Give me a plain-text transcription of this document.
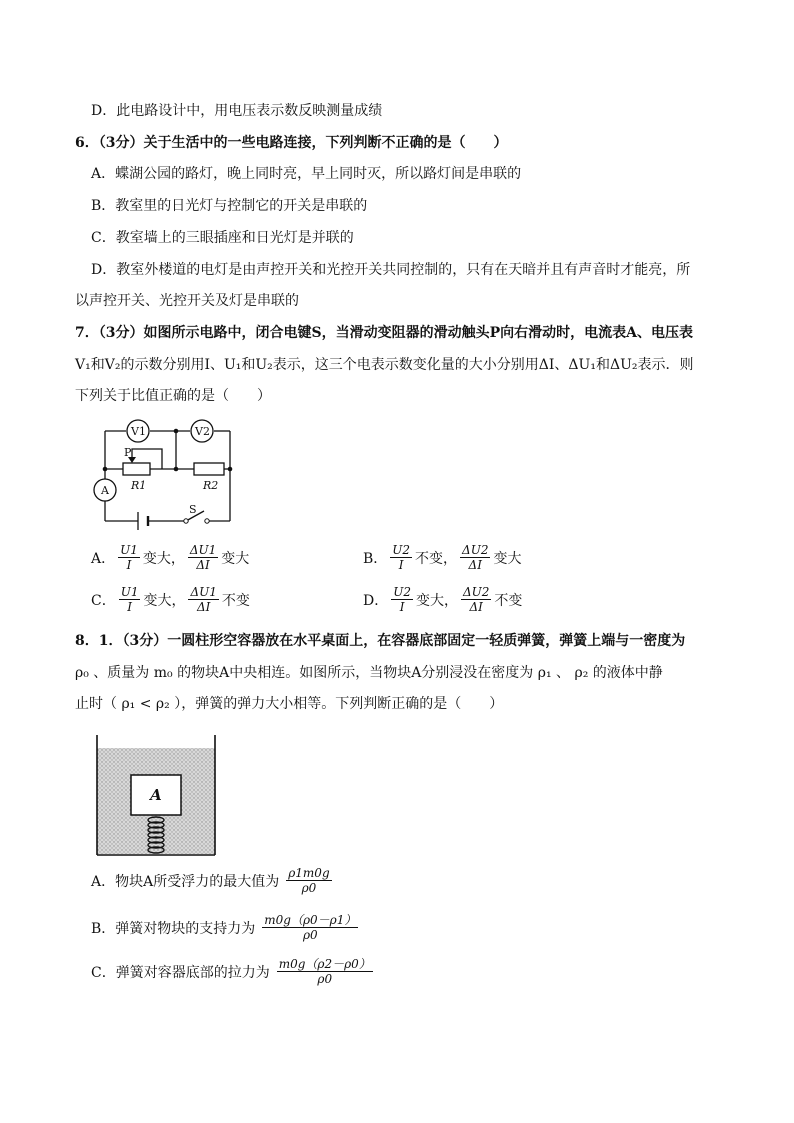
D．此电路设计中，用电压表示数反映测量成绩
6．（3分）关于生活中的一些电路连接，下列判断不正确的是（　　）
A．蝶湖公园的路灯，晚上同时亮，早上同时灭，所以路灯间是串联的
B．教室里的日光灯与控制它的开关是串联的
C．教室墙上的三眼插座和日光灯是并联的
D．教室外楼道的电灯是由声控开关和光控开关共同控制的，只有在天暗并且有声音时才能亮，所
以声控开关、光控开关及灯是串联的
7．（3分）如图所示电路中，闭合电键S，当滑动变阻器的滑动触头P向右滑动时，电流表A、电压表
V₁和V₂的示数分别用I、U₁和U₂表示，这三个电表示数变化量的大小分别用ΔI、ΔU₁和ΔU₂表示．则
下列关于比值正确的是（　　）
V1	V2
A
P
R1	R2
S
A． $\frac{U1}{I}$ 变大， $\frac{\Delta U1}{\Delta I}$ 变大	B． $\frac{U2}{I}$ 不变， $\frac{\Delta U2}{\Delta I}$ 变大
C． $\frac{U1}{I}$ 变大， $\frac{\Delta U1}{\Delta I}$ 不变	D． $\frac{U2}{I}$ 变大， $\frac{\Delta U2}{\Delta I}$ 不变
8．1．（3分）一圆柱形空容器放在水平桌面上，在容器底部固定一轻质弹簧，弹簧上端与一密度为
ρ₀ 、质量为 m₀ 的物块A中央相连。如图所示，当物块A分别浸没在密度为 ρ₁ 、 ρ₂ 的液体中静
止时（ ρ₁ < ρ₂ ），弹簧的弹力大小相等。下列判断正确的是（　　）
A
A．物块A所受浮力的最大值为 $\frac{\rho 1m0g}{\rho 0}$
B．弹簧对物块的支持力为 $\frac{m0g(\rho 0-\rho 1)}{\rho 0}$
C．弹簧对容器底部的拉力为 $\frac{m0g(\rho 2-\rho 0)}{\rho 0}$
